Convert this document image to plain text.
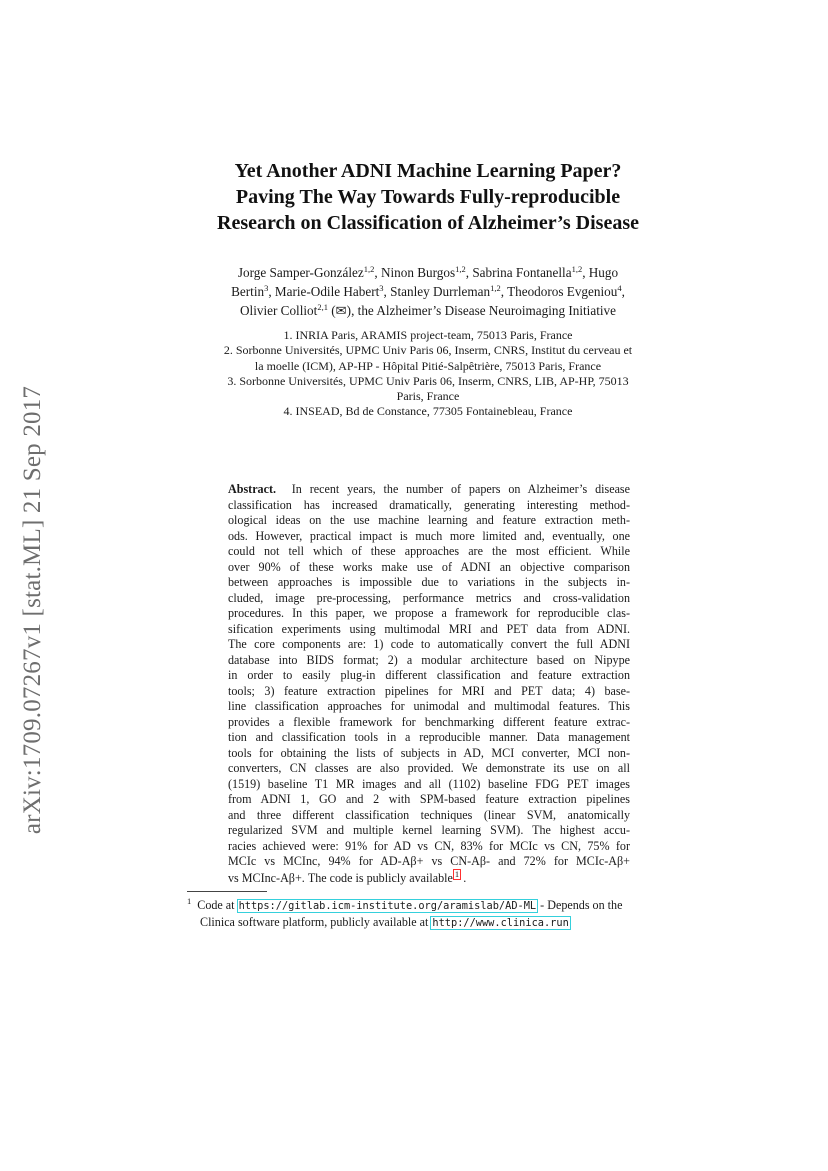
arXiv:1709.07267v1 [stat.ML] 21 Sep 2017
Yet Another ADNI Machine Learning Paper?
Paving The Way Towards Fully-reproducible
Research on Classification of Alzheimer’s Disease
Jorge Samper-González$^{1,2}$, Ninon Burgos$^{1,2}$, Sabrina Fontanella$^{1,2}$, Hugo
Bertin$^3$, Marie-Odile Habert$^3$, Stanley Durrleman$^{1,2}$, Theodoros Evgeniou$^4$,
Olivier Colliot$^{2,1}$ (✉), the Alzheimer’s Disease Neuroimaging Initiative
1. INRIA Paris, ARAMIS project-team, 75013 Paris, France
2. Sorbonne Universités, UPMC Univ Paris 06, Inserm, CNRS, Institut du cerveau et
la moelle (ICM), AP-HP - Hôpital Pitié-Salpêtrière, 75013 Paris, France
3. Sorbonne Universités, UPMC Univ Paris 06, Inserm, CNRS, LIB, AP-HP, 75013
Paris, France
4. INSEAD, Bd de Constance, 77305 Fontainebleau, France
Abstract. In recent years, the number of papers on Alzheimer’s disease
classification has increased dramatically, generating interesting method-
ological ideas on the use machine learning and feature extraction meth-
ods. However, practical impact is much more limited and, eventually, one
could not tell which of these approaches are the most efficient. While
over 90% of these works make use of ADNI an objective comparison
between approaches is impossible due to variations in the subjects in-
cluded, image pre-processing, performance metrics and cross-validation
procedures. In this paper, we propose a framework for reproducible clas-
sification experiments using multimodal MRI and PET data from ADNI.
The core components are: 1) code to automatically convert the full ADNI
database into BIDS format; 2) a modular architecture based on Nipype
in order to easily plug-in different classification and feature extraction
tools; 3) feature extraction pipelines for MRI and PET data; 4) base-
line classification approaches for unimodal and multimodal features. This
provides a flexible framework for benchmarking different feature extrac-
tion and classification tools in a reproducible manner. Data management
tools for obtaining the lists of subjects in AD, MCI converter, MCI non-
converters, CN classes are also provided. We demonstrate its use on all
(1519) baseline T1 MR images and all (1102) baseline FDG PET images
from ADNI 1, GO and 2 with SPM-based feature extraction pipelines
and three different classification techniques (linear SVM, anatomically
regularized SVM and multiple kernel learning SVM). The highest accu-
racies achieved were: 91% for AD vs CN, 83% for MCIc vs CN, 75% for
MCIc vs MCInc, 94% for AD-Aβ+ vs CN-Aβ- and 72% for MCIc-Aβ+
vs MCInc-Aβ+. The code is publicly available 1 .
$^1$ Code at https://gitlab.icm-institute.org/aramislab/AD-ML - Depends on the
Clinica software platform, publicly available at http://www.clinica.run
